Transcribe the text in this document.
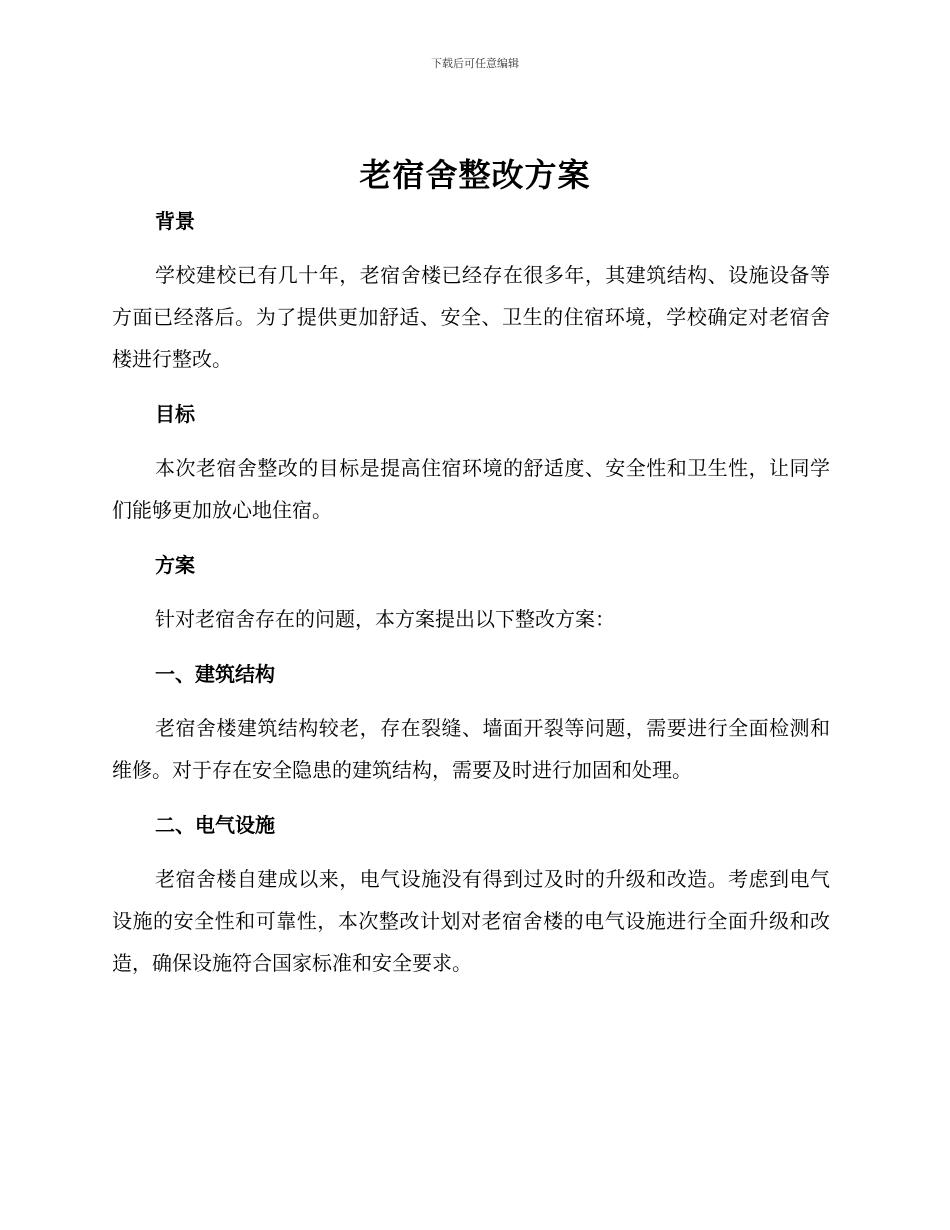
下载后可任意编辑
老宿舍整改方案

背景

学校建校已有几十年，老宿舍楼已经存在很多年，其建筑结构、设施设备等方面已经落后。为了提供更加舒适、安全、卫生的住宿环境，学校确定对老宿舍楼进行整改。

目标

本次老宿舍整改的目标是提高住宿环境的舒适度、安全性和卫生性，让同学们能够更加放心地住宿。

方案

针对老宿舍存在的问题，本方案提出以下整改方案：

一、建筑结构

老宿舍楼建筑结构较老，存在裂缝、墙面开裂等问题，需要进行全面检测和维修。对于存在安全隐患的建筑结构，需要及时进行加固和处理。

二、电气设施

老宿舍楼自建成以来，电气设施没有得到过及时的升级和改造。考虑到电气设施的安全性和可靠性，本次整改计划对老宿舍楼的电气设施进行全面升级和改造，确保设施符合国家标准和安全要求。
